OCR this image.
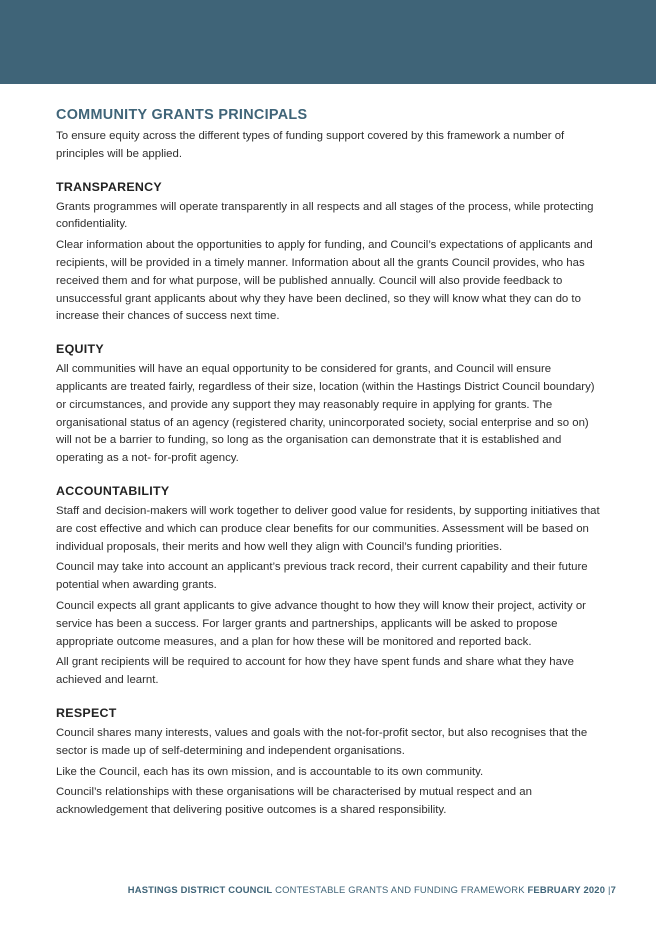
COMMUNITY GRANTS PRINCIPALS

To ensure equity across the different types of funding support covered by this framework a number of principles will be applied.

TRANSPARENCY

Grants programmes will operate transparently in all respects and all stages of the process, while protecting confidentiality.

Clear information about the opportunities to apply for funding, and Council’s expectations of applicants and recipients, will be provided in a timely manner. Information about all the grants Council provides, who has received them and for what purpose, will be published annually. Council will also provide feedback to unsuccessful grant applicants about why they have been declined, so they will know what they can do to increase their chances of success next time.

EQUITY

All communities will have an equal opportunity to be considered for grants, and Council will ensure applicants are treated fairly, regardless of their size, location (within the Hastings District Council boundary) or circumstances, and provide any support they may reasonably require in applying for grants. The organisational status of an agency (registered charity, unincorporated society, social enterprise and so on) will not be a barrier to funding, so long as the organisation can demonstrate that it is established and operating as a not- for-profit agency.

ACCOUNTABILITY

Staff and decision-makers will work together to deliver good value for residents, by supporting initiatives that are cost effective and which can produce clear benefits for our communities. Assessment will be based on individual proposals, their merits and how well they align with Council’s funding priorities.

Council may take into account an applicant’s previous track record, their current capability and their future potential when awarding grants.

Council expects all grant applicants to give advance thought to how they will know their project, activity or service has been a success. For larger grants and partnerships, applicants will be asked to propose appropriate outcome measures, and a plan for how these will be monitored and reported back.

All grant recipients will be required to account for how they have spent funds and share what they have achieved and learnt.

RESPECT

Council shares many interests, values and goals with the not-for-profit sector, but also recognises that the sector is made up of self-determining and independent organisations.

Like the Council, each has its own mission, and is accountable to its own community.

Council’s relationships with these organisations will be characterised by mutual respect and an acknowledgement that delivering positive outcomes is a shared responsibility.

HASTINGS DISTRICT COUNCIL CONTESTABLE GRANTS AND FUNDING FRAMEWORK FEBRUARY 2020 |7
